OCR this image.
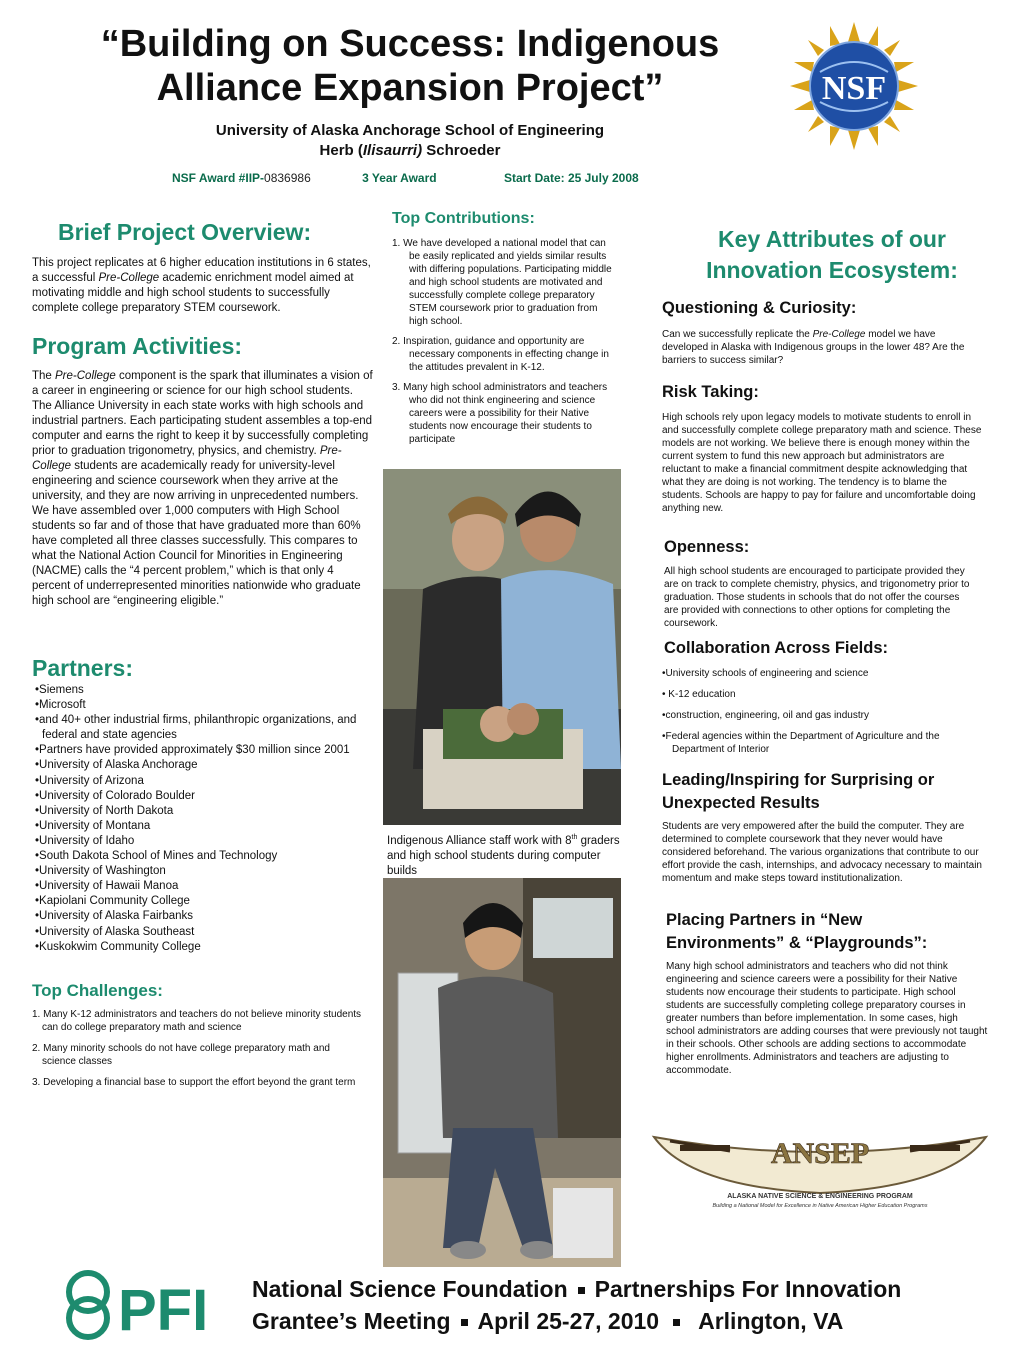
“Building on Success: Indigenous
Alliance Expansion Project”
University of Alaska Anchorage School of Engineering
Herb (Ilisaurri) Schroeder
NSF Award #IIP-0836986	3 Year Award	Start Date: 25 July 2008
NSF
Brief Project Overview:
This project replicates at 6 higher education institutions in 6 states, a successful Pre-College academic enrichment model aimed at motivating middle and high school students to successfully complete college preparatory STEM coursework.
Program Activities:
The Pre-College component is the spark that illuminates a vision of a career in engineering or science for our high school students. The Alliance University in each state works with high schools and industrial partners. Each participating student assembles a top-end computer and earns the right to keep it by successfully completing prior to graduation trigonometry, physics, and chemistry. Pre-College students are academically ready for university-level engineering and science coursework when they arrive at the university, and they are now arriving in unprecedented numbers. We have assembled over 1,000 computers with High School students so far and of those that have graduated more than 60% have completed all three classes successfully. This compares to what the National Action Council for Minorities in Engineering (NACME) calls the “4 percent problem,” which is that only 4 percent of underrepresented minorities nationwide who graduate high school are “engineering eligible.”
Partners:
•Siemens
•Microsoft
•and 40+ other industrial firms, philanthropic organizations, and federal and state agencies
•Partners have provided approximately $30 million since 2001
•University of Alaska Anchorage
•University of Arizona
•University of Colorado Boulder
•University of North Dakota
•University of Montana
•University of Idaho
•South Dakota School of Mines and Technology
•University of Washington
•University of Hawaii Manoa
•Kapiolani Community College
•University of Alaska Fairbanks
•University of Alaska Southeast
•Kuskokwim Community College
Top Challenges:
1. Many K-12 administrators and teachers do not believe minority students can do college preparatory math and science
2. Many minority schools do not have college preparatory math and science classes
3. Developing a financial base to support the effort beyond the grant term
Top Contributions:
1. We have developed a national model that can be easily replicated and yields similar results with differing populations. Participating middle and high school students are motivated and successfully complete college preparatory STEM coursework prior to graduation from high school.
2. Inspiration, guidance and opportunity are necessary components in effecting change in the attitudes prevalent in K-12.
3. Many high school administrators and teachers who did not think engineering and science careers were a possibility for their Native students now encourage their students to participate
Indigenous Alliance staff work with 8th graders and high school students during computer builds
Key Attributes of our
Innovation Ecosystem:
Questioning & Curiosity:
Can we successfully replicate the Pre-College model we have developed in Alaska with Indigenous groups in the lower 48? Are the barriers to success similar?
Risk Taking:
High schools rely upon legacy models to motivate students to enroll in and successfully complete college preparatory math and science. These models are not working. We believe there is enough money within the current system to fund this new approach but administrators are reluctant to make a financial commitment despite acknowledging that what they are doing is not working. The tendency is to blame the students. Schools are happy to pay for failure and uncomfortable doing anything new.
Openness:
All high school students are encouraged to participate provided they are on track to complete chemistry, physics, and trigonometry prior to graduation. Those students in schools that do not offer the courses are provided with connections to other options for completing the coursework.
Collaboration Across Fields:
•University schools of engineering and science
• K-12 education
•construction, engineering, oil and gas industry
•Federal agencies within the Department of Agriculture and the Department of Interior
Leading/Inspiring for Surprising or
Unexpected Results
Students are very empowered after the build the computer. They are determined to complete coursework that they never would have considered beforehand. The various organizations that contribute to our effort provide the cash, internships, and advocacy necessary to maintain momentum and make steps toward institutionalization.
Placing Partners in “New
Environments” & “Playgrounds”:
Many high school administrators and teachers who did not think engineering and science careers were a possibility for their Native students now encourage their students to participate. High school students are successfully completing college preparatory courses in greater numbers than before implementation. In some cases, high school administrators are adding courses that were previously not taught in their schools. Other schools are adding sections to accommodate higher enrollments. Administrators and teachers are adjusting to accommodate.
ANSEP
ALASKA NATIVE SCIENCE & ENGINEERING PROGRAM
Building a National Model for Excellence in Native American Higher Education Programs
PFI National Science Foundation Partnerships For Innovation
Grantee’s Meeting April 25-27, 2010 Arlington, VA
